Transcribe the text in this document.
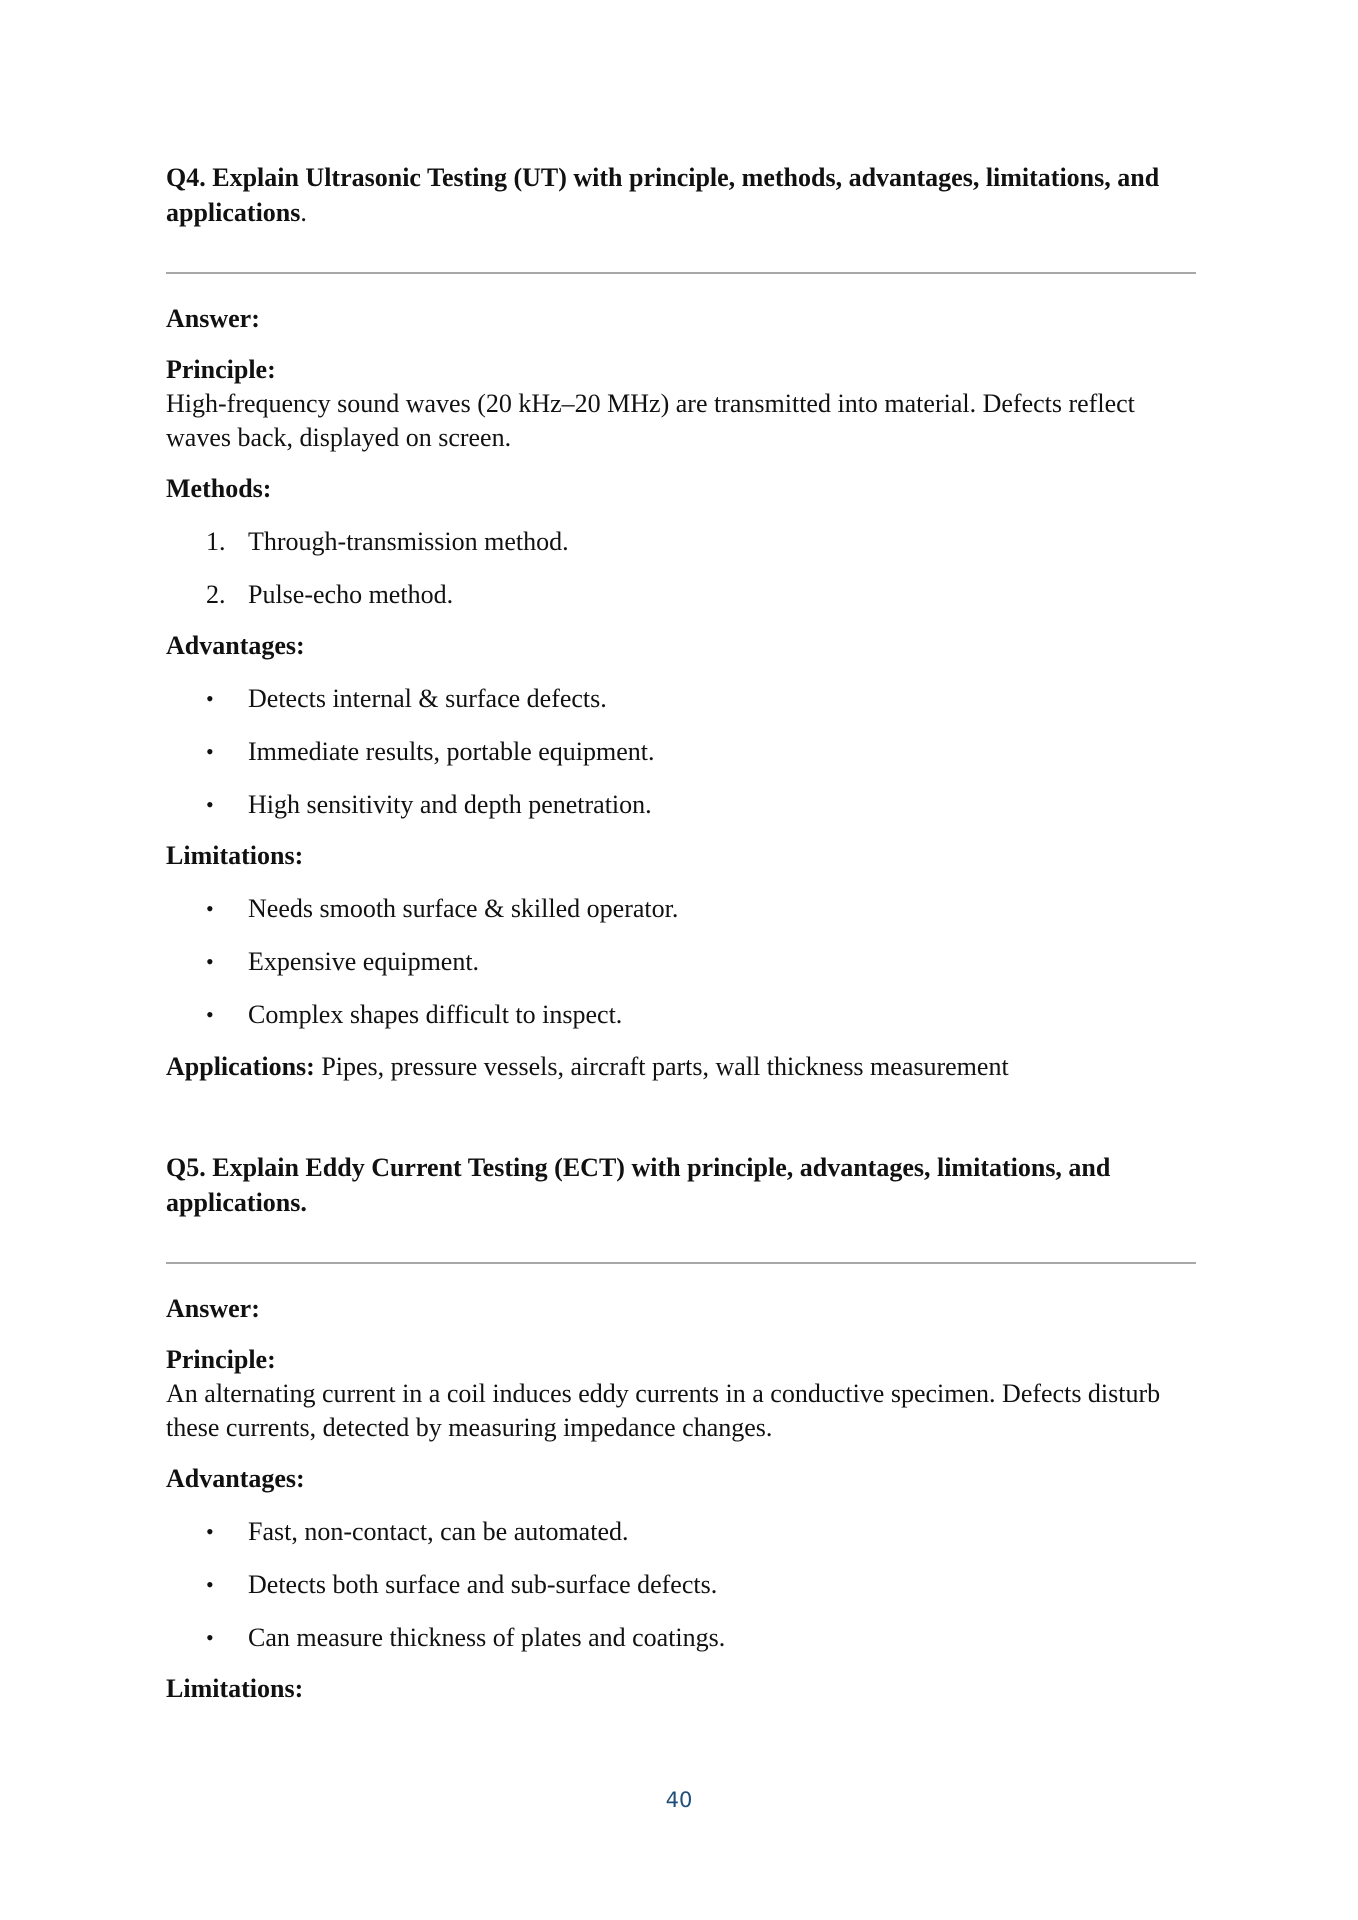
Q4. Explain Ultrasonic Testing (UT) with principle, methods, advantages, limitations, and applications.

Answer:

Principle:

High-frequency sound waves (20 kHz–20 MHz) are transmitted into material. Defects reflect waves back, displayed on screen.

Methods:

1. Through-transmission method.
2. Pulse-echo method.

Advantages:

•	Detects internal & surface defects.
•	Immediate results, portable equipment.
•	High sensitivity and depth penetration.

Limitations:

•	Needs smooth surface & skilled operator.
•	Expensive equipment.
•	Complex shapes difficult to inspect.

Applications: Pipes, pressure vessels, aircraft parts, wall thickness measurement

Q5. Explain Eddy Current Testing (ECT) with principle, advantages, limitations, and applications.

Answer:

Principle:

An alternating current in a coil induces eddy currents in a conductive specimen. Defects disturb these currents, detected by measuring impedance changes.

Advantages:

•	Fast, non-contact, can be automated.
•	Detects both surface and sub-surface defects.
•	Can measure thickness of plates and coatings.

Limitations:

40
